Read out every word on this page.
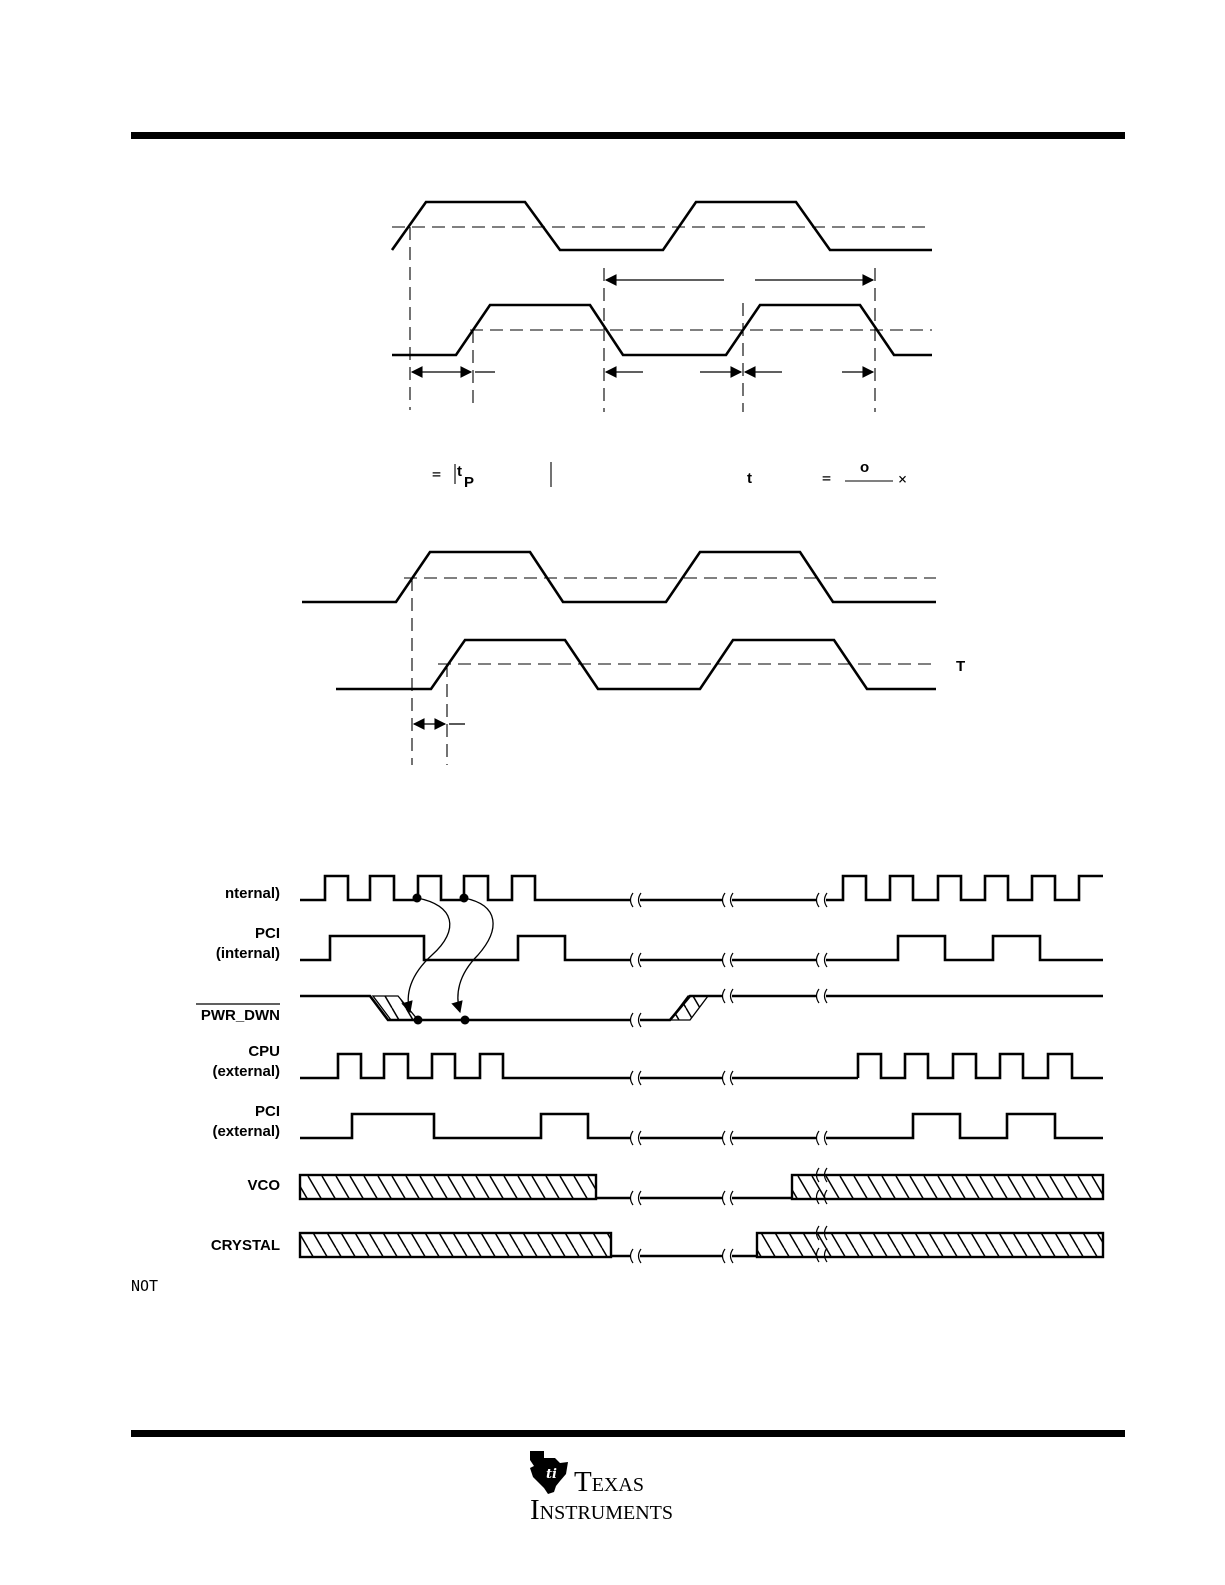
= t
P	t	=
o
×
T
nternal)
PCI
(internal)
PWR_DWN
CPU
(external)
PCI
(external)
VCO
CRYSTAL
NOT
ti Texas
Instruments
